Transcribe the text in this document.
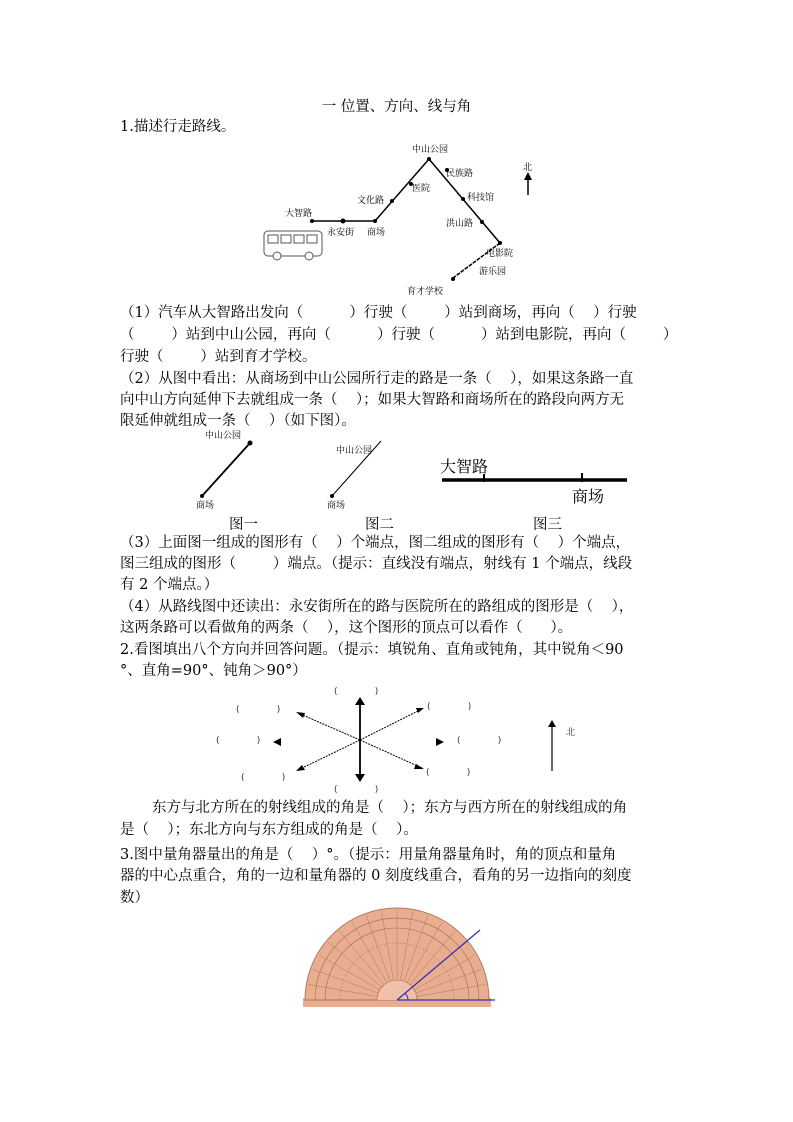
一 位置、方向、线与角
1.描述行走路线。
中山公园
民族路
北
医院
文化路	科技馆
大智路
永安街 商场
洪山路
电影院
游乐园
育才学校
中山公园
商场
中山公园
商场
大智路
商场
图一	图二	图三
（1）汽车从大智路出发向（          ）行驶（        ）站到商场，再向（    ）行驶
（        ）站到中山公园，再向（          ）行驶（          ）站到电影院，再向（        ）
行驶（        ）站到育才学校。
（2）从图中看出：从商场到中山公园所行走的路是一条（    ），如果这条路一直
向中山方向延伸下去就组成一条（    ）；如果大智路和商场所在的路段向两方无
限延伸就组成一条（    ）（如下图）。
（3）上面图一组成的图形有（    ）个端点，图二组成的图形有（    ）个端点，
图三组成的图形（        ）端点。（提示：直线没有端点，射线有 1 个端点，线段
有 2 个端点。）
（4）从路线图中还读出：永安街所在的路与医院所在的路组成的图形是（    ），
这两条路可以看做角的两条（    ），这个图形的顶点可以看作（      ）。
2.看图填出八个方向并回答问题。（提示：填锐角、直角或钝角，其中锐角＜90
°、直角=90°、钝角＞90°）
(             )
(             )	(             )
(             )	(             )
(             )	(             )
(             )
北
东方与北方所在的射线组成的角是（    ）；东方与西方所在的射线组成的角
是（    ）；东北方向与东方组成的角是（    ）。
3.图中量角器量出的角是（    ）°。（提示：用量角器量角时，角的顶点和量角
器的中心点重合，角的一边和量角器的 0 刻度线重合，看角的另一边指向的刻度
数）
